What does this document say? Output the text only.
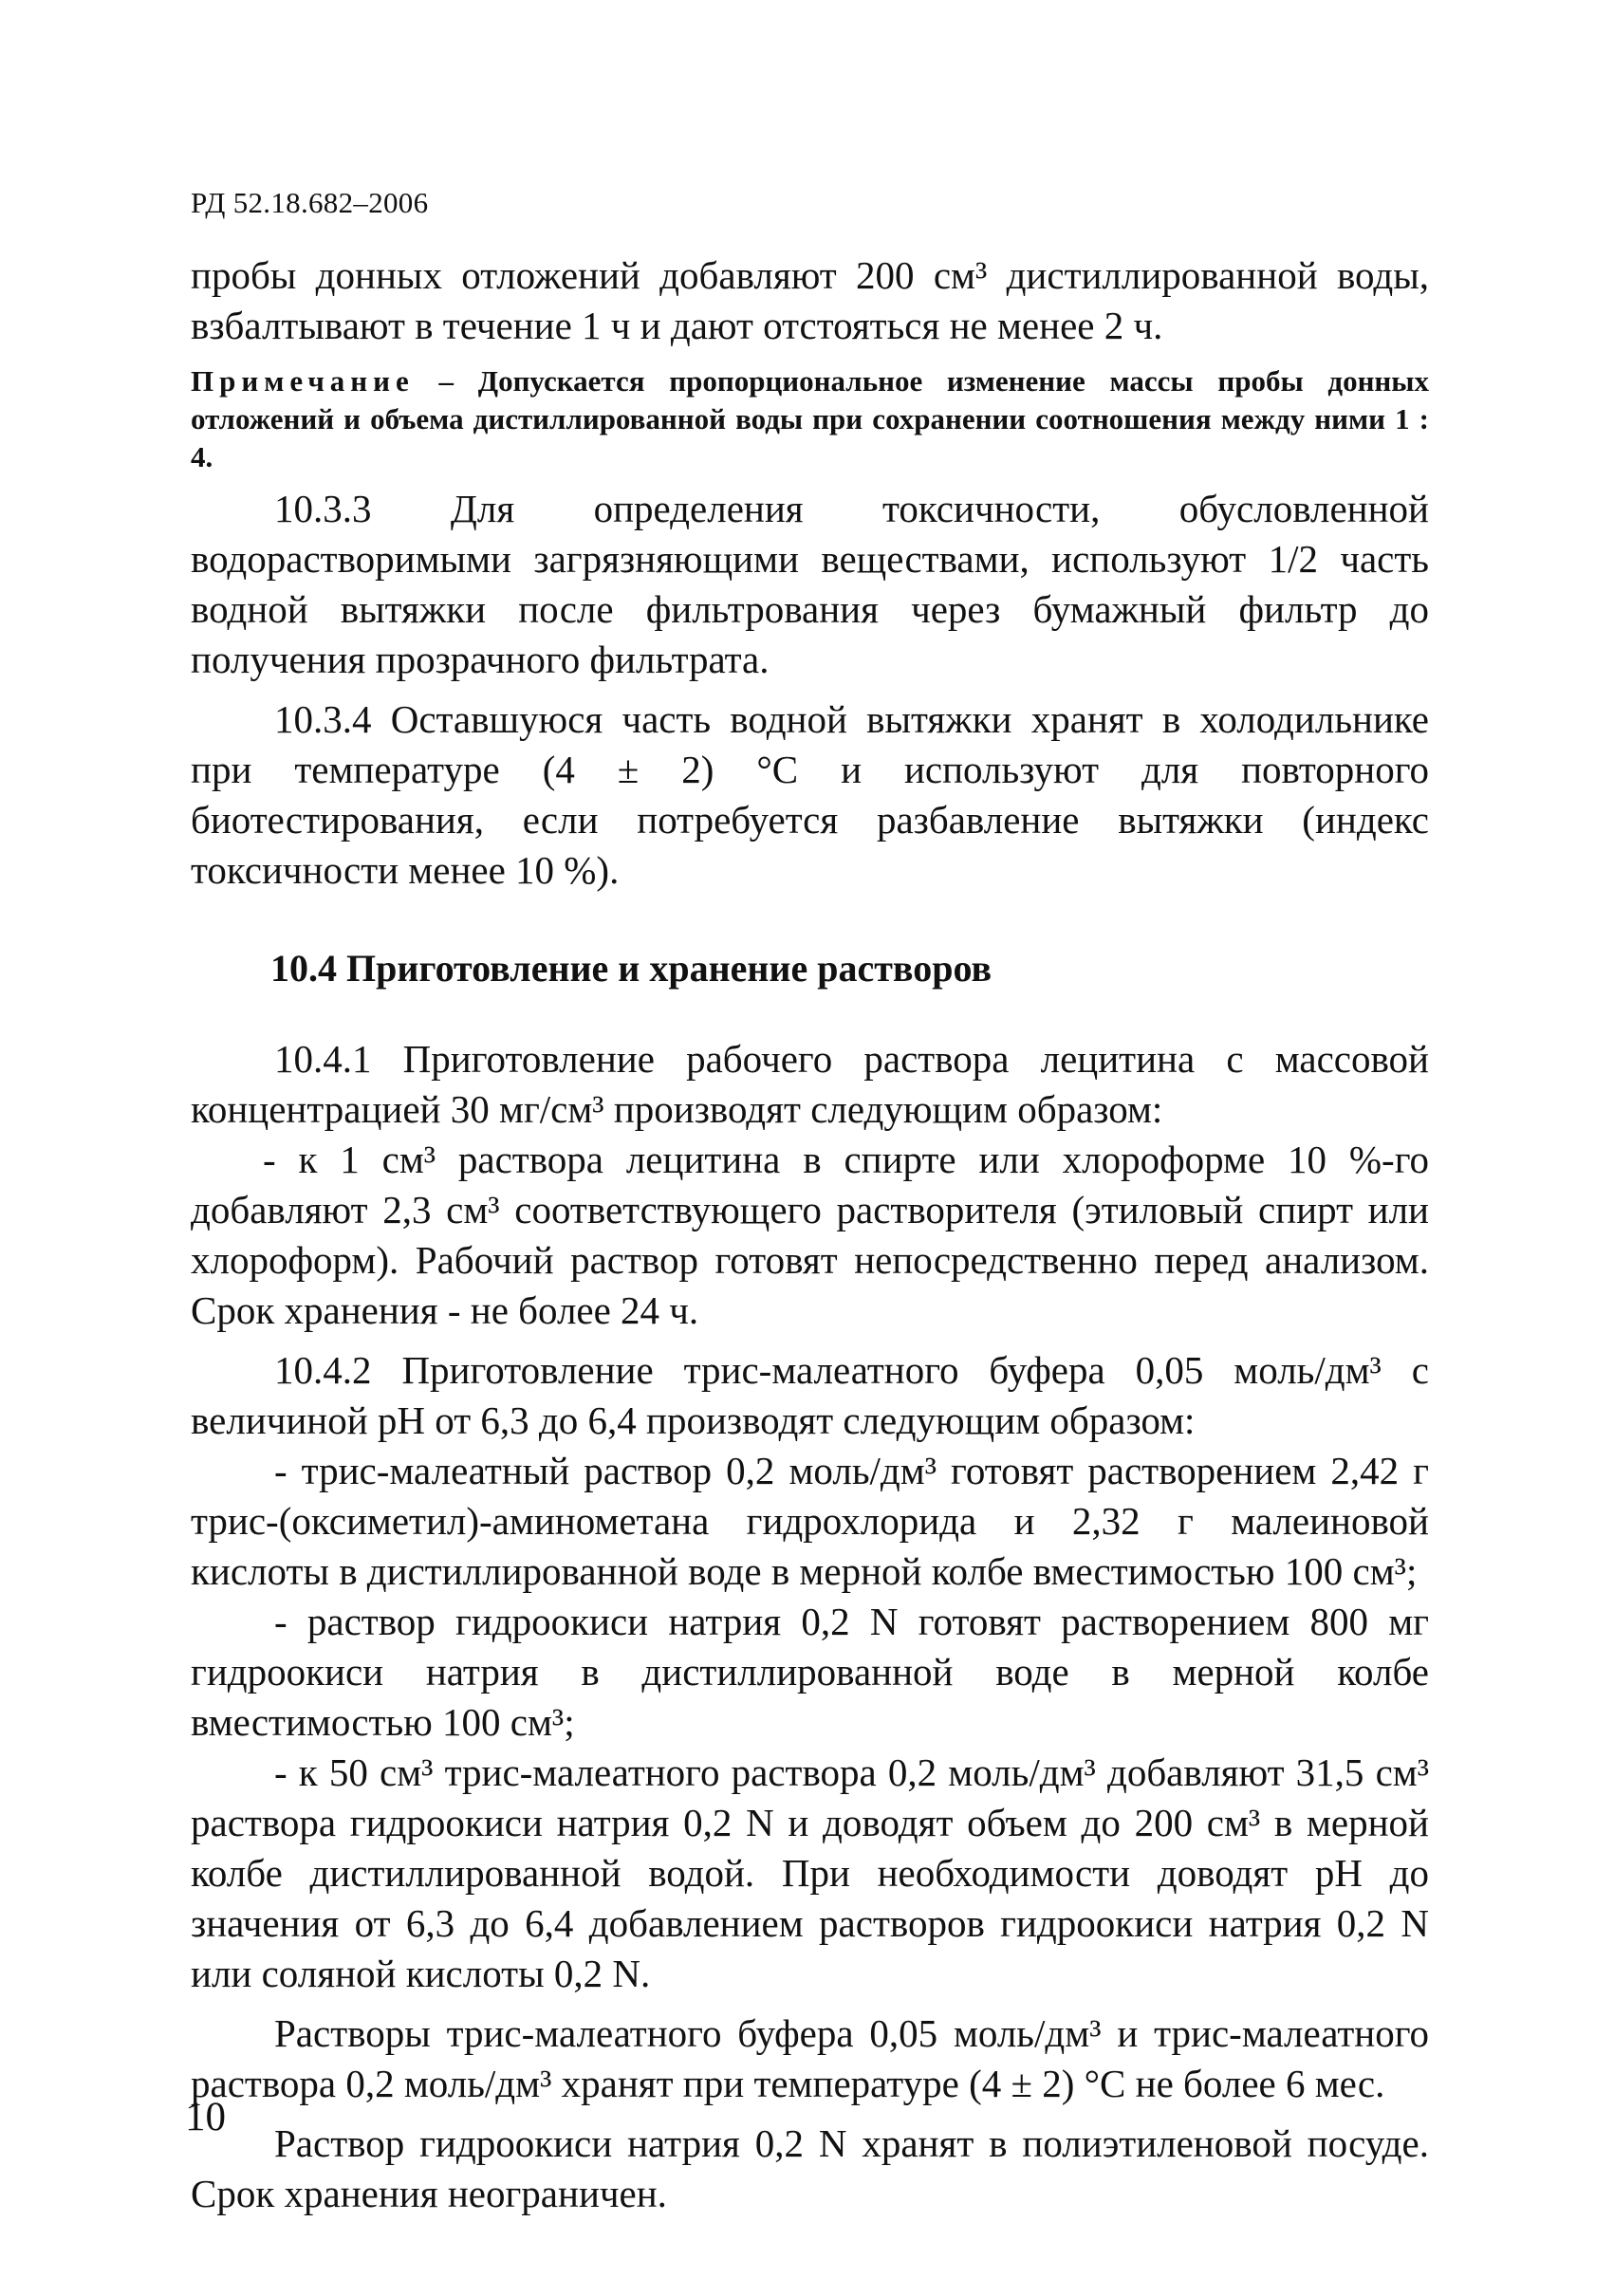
РД 52.18.682–2006

пробы донных отложений добавляют 200 см³ дистиллированной воды, взбалтывают в течение 1 ч и дают отстояться не менее 2 ч.

Примечание – Допускается пропорциональное изменение массы пробы донных отложений и объема дистиллированной воды при сохранении соотношения между ними 1 : 4.

10.3.3 Для определения токсичности, обусловленной водорастворимыми загрязняющими веществами, используют 1/2 часть водной вытяжки после фильтрования через бумажный фильтр до получения прозрачного фильтрата.

10.3.4 Оставшуюся часть водной вытяжки хранят в холодильнике при температуре (4 ± 2) °С и используют для повторного биотестирования, если потребуется разбавление вытяжки (индекс токсичности менее 10 %).

10.4 Приготовление и хранение растворов

10.4.1 Приготовление рабочего раствора лецитина с массовой концентрацией 30 мг/см³ производят следующим образом:

- к 1 см³ раствора лецитина в спирте или хлороформе 10 %-го добавляют 2,3 см³ соответствующего растворителя (этиловый спирт или хлороформ). Рабочий раствор готовят непосредственно перед анализом. Срок хранения - не более 24 ч.

10.4.2 Приготовление трис-малеатного буфера 0,05 моль/дм³ с величиной рН от 6,3 до 6,4 производят следующим образом:

- трис-малеатный раствор 0,2 моль/дм³ готовят растворением 2,42 г трис-(оксиметил)-аминометана гидрохлорида и 2,32 г малеиновой кислоты в дистиллированной воде в мерной колбе вместимостью 100 см³;

- раствор гидроокиси натрия 0,2 N готовят растворением 800 мг гидроокиси натрия в дистиллированной воде в мерной колбе вместимостью 100 см³;

- к 50 см³ трис-малеатного раствора 0,2 моль/дм³ добавляют 31,5 см³ раствора гидроокиси натрия 0,2 N и доводят объем до 200 см³ в мерной колбе дистиллированной водой. При необходимости доводят рН до значения от 6,3 до 6,4 добавлением растворов гидроокиси натрия 0,2 N или соляной кислоты 0,2 N.

Растворы трис-малеатного буфера 0,05 моль/дм³ и трис-малеатного раствора 0,2 моль/дм³ хранят при температуре (4 ± 2) °С не более 6 мес.

Раствор гидроокиси натрия 0,2 N хранят в полиэтиленовой посуде. Срок хранения неограничен.

10
